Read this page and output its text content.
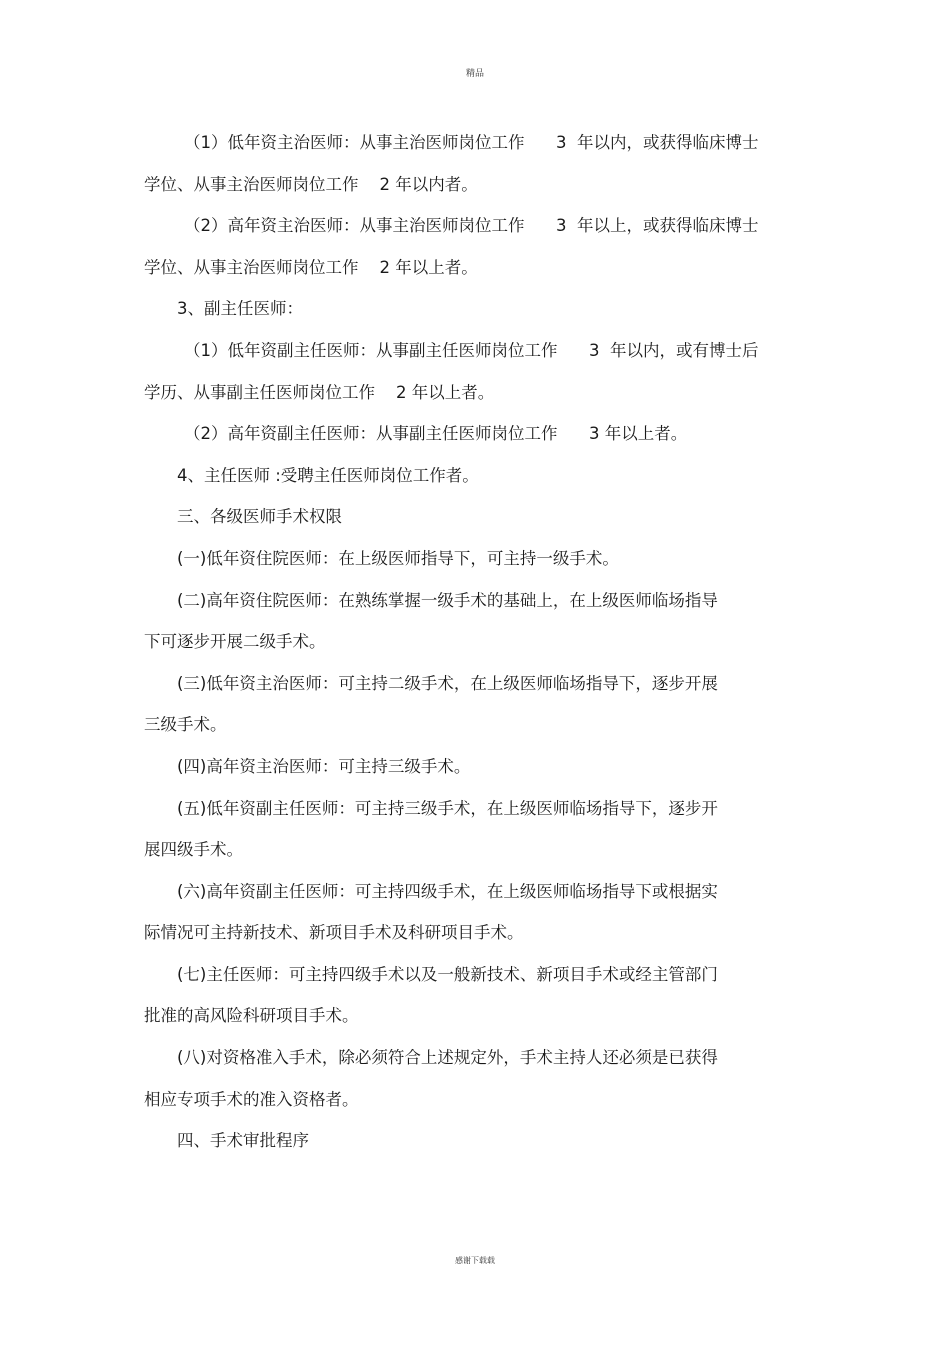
精品
（1）低年资主治医师：从事主治医师岗位工作      3  年以内，或获得临床博士
学位、从事主治医师岗位工作    2 年以内者。
（2）高年资主治医师：从事主治医师岗位工作      3  年以上，或获得临床博士
学位、从事主治医师岗位工作    2 年以上者。
3、副主任医师：
（1）低年资副主任医师：从事副主任医师岗位工作      3  年以内，或有博士后
学历、从事副主任医师岗位工作    2 年以上者。
（2）高年资副主任医师：从事副主任医师岗位工作      3 年以上者。
4、主任医师 :受聘主任医师岗位工作者。
三、各级医师手术权限
(一)低年资住院医师：在上级医师指导下，可主持一级手术。
(二)高年资住院医师：在熟练掌握一级手术的基础上，在上级医师临场指导
下可逐步开展二级手术。
(三)低年资主治医师：可主持二级手术，在上级医师临场指导下，逐步开展
三级手术。
(四)高年资主治医师：可主持三级手术。
(五)低年资副主任医师：可主持三级手术，在上级医师临场指导下，逐步开
展四级手术。
(六)高年资副主任医师：可主持四级手术，在上级医师临场指导下或根据实
际情况可主持新技术、新项目手术及科研项目手术。
(七)主任医师：可主持四级手术以及一般新技术、新项目手术或经主管部门
批准的高风险科研项目手术。
(八)对资格准入手术，除必须符合上述规定外，手术主持人还必须是已获得
相应专项手术的准入资格者。
四、手术审批程序
感谢下载载
